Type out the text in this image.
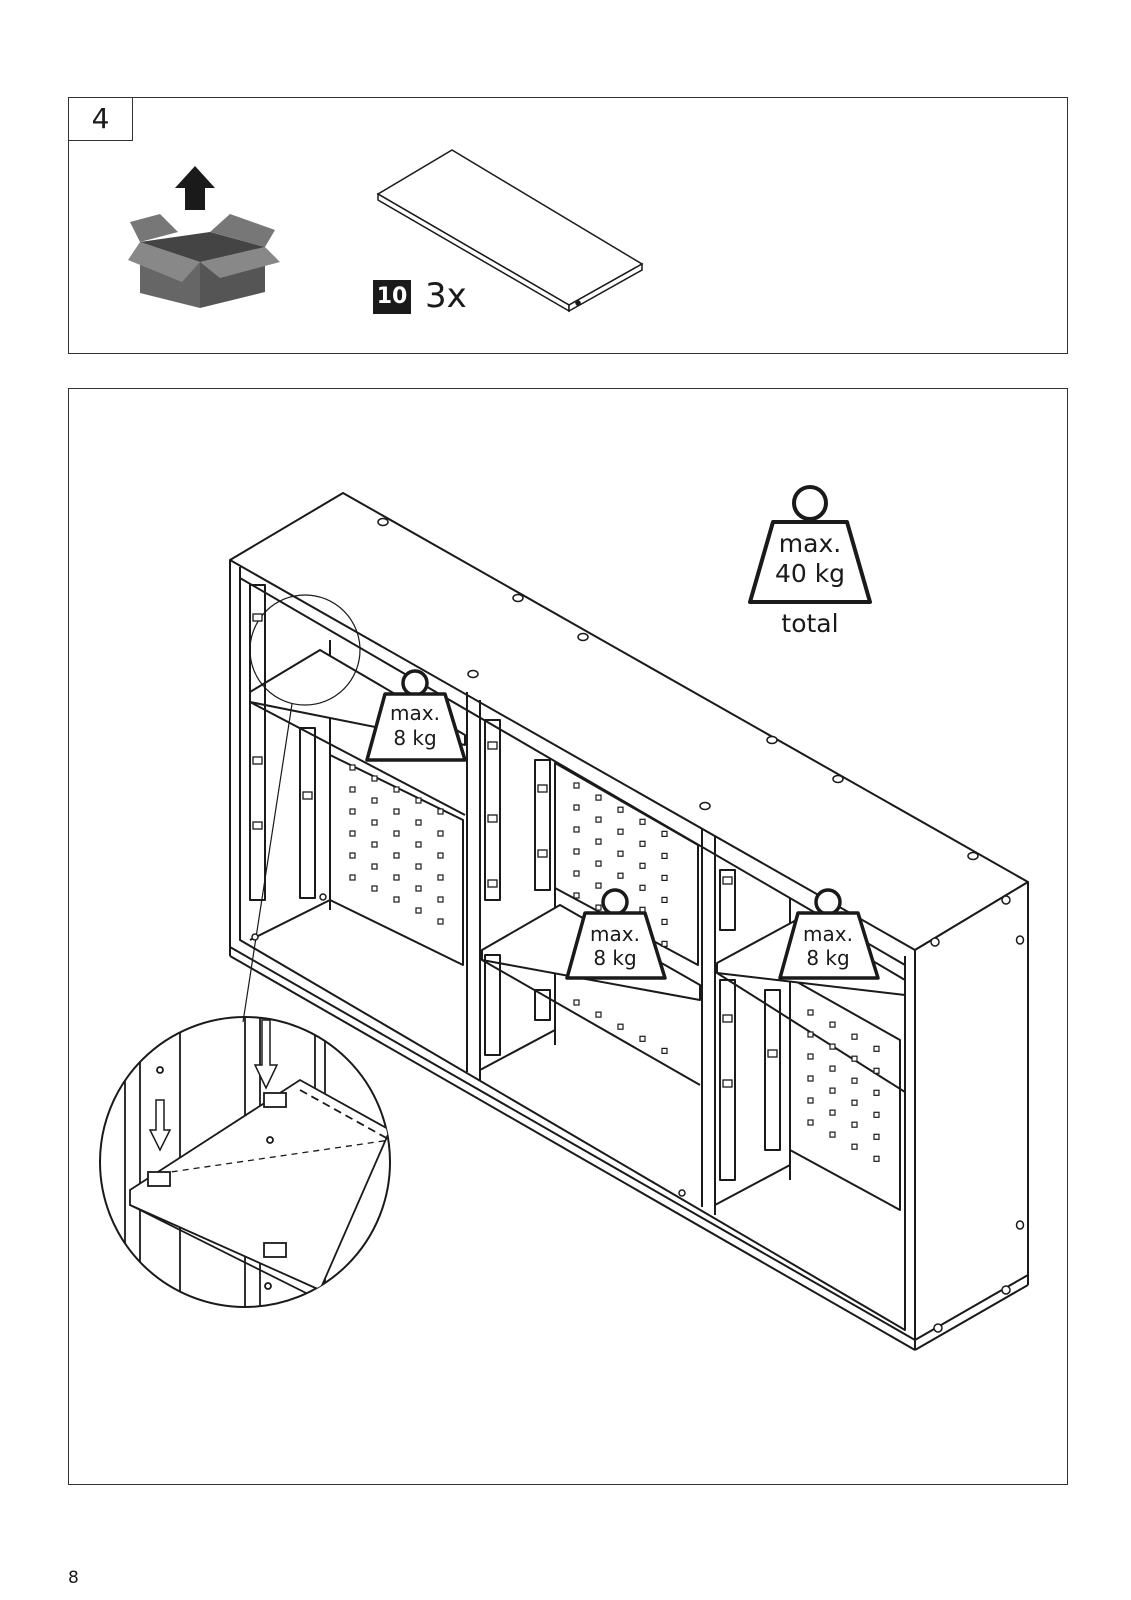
4
10 3x
max.
40 kg
total
max.
8 kg
max.
8 kg
max.
8 kg
8
